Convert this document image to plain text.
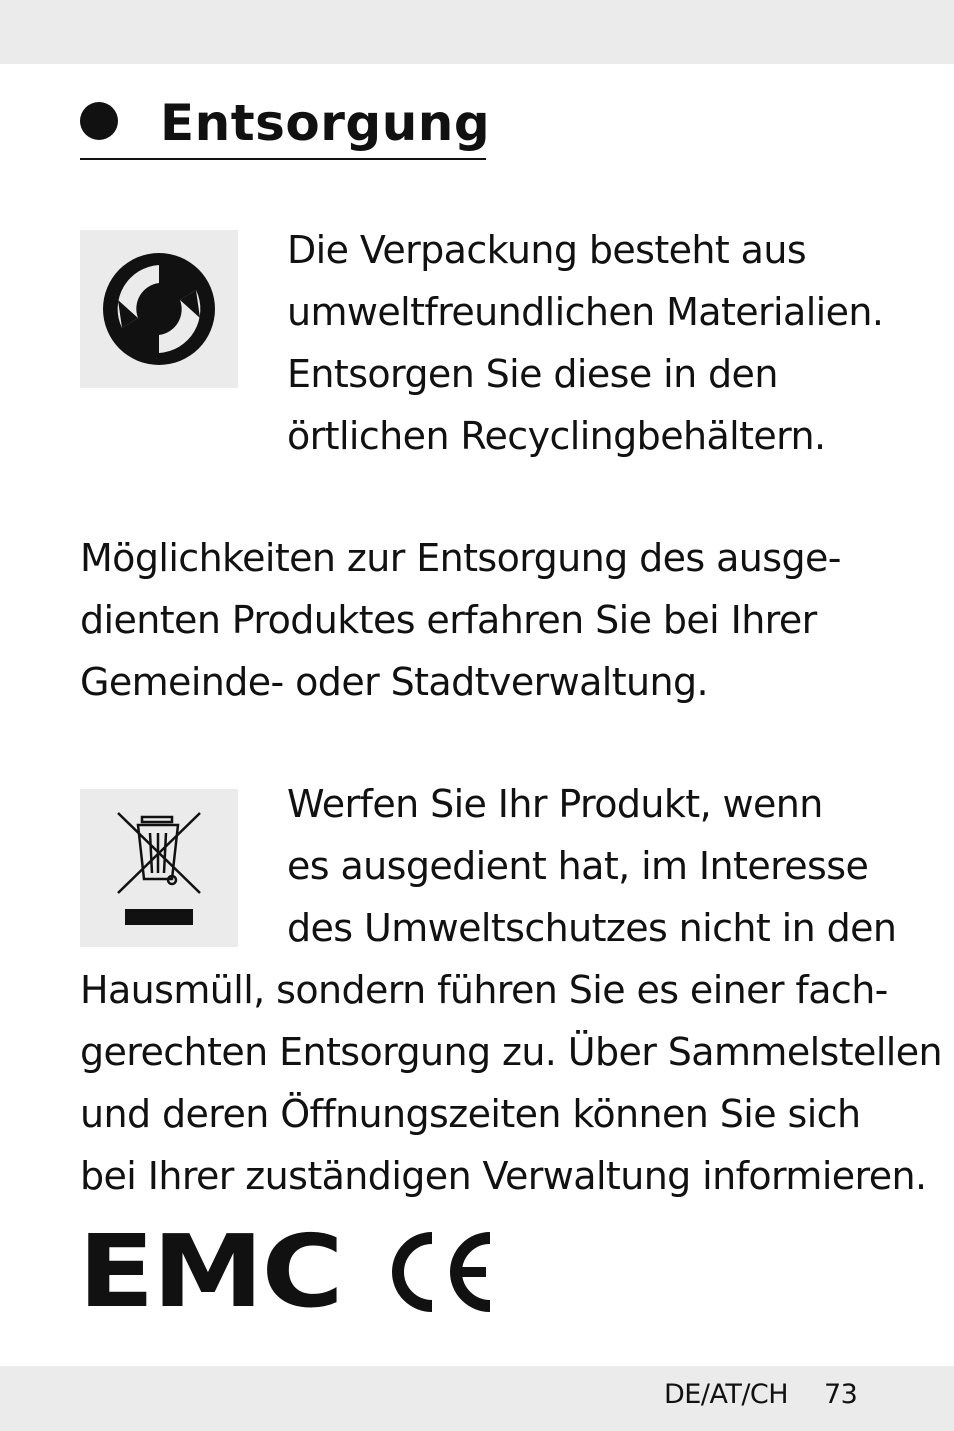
Entsorgung
Die Verpackung besteht aus
umweltfreundlichen Materialien.
Entsorgen Sie diese in den
örtlichen Recyclingbehältern.
Möglichkeiten zur Entsorgung des ausge-
dienten Produktes erfahren Sie bei Ihrer
Gemeinde- oder Stadtverwaltung.
Werfen Sie Ihr Produkt, wenn
es ausgedient hat, im Interesse
des Umweltschutzes nicht in den
Hausmüll, sondern führen Sie es einer fach-
gerechten Entsorgung zu. Über Sammelstellen
und deren Öffnungszeiten können Sie sich
bei Ihrer zuständigen Verwaltung informieren.
EMC
DE/AT/CH 73
